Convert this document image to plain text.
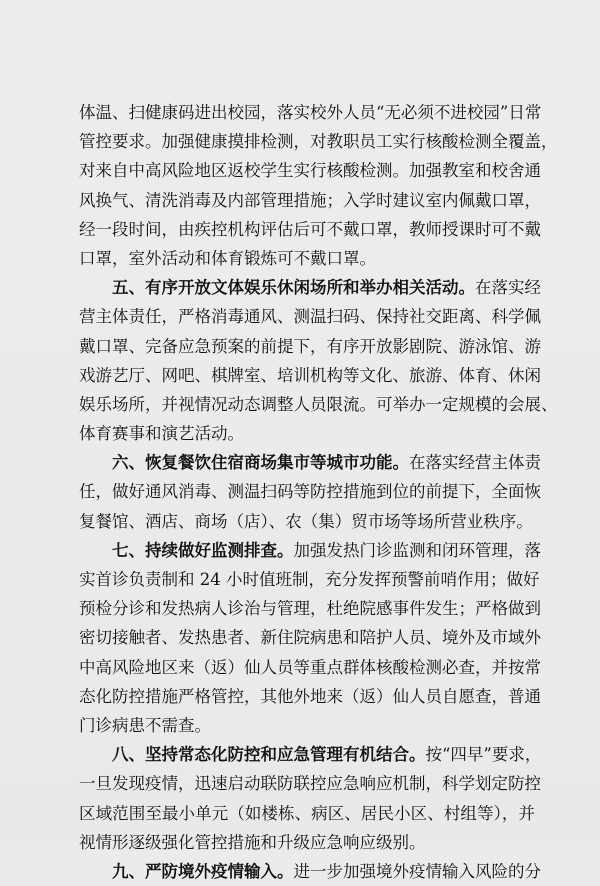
体温、扫健康码进出校园，落实校外人员“无必须不进校园”日常
管控要求。加强健康摸排检测，对教职员工实行核酸检测全覆盖，
对来自中高风险地区返校学生实行核酸检测。加强教室和校舍通
风换气、清洗消毒及内部管理措施；入学时建议室内佩戴口罩，
经一段时间，由疾控机构评估后可不戴口罩，教师授课时可不戴
口罩，室外活动和体育锻炼可不戴口罩。
五、有序开放文体娱乐休闲场所和举办相关活动。在落实经
营主体责任，严格消毒通风、测温扫码、保持社交距离、科学佩
戴口罩、完备应急预案的前提下，有序开放影剧院、游泳馆、游
戏游艺厅、网吧、棋牌室、培训机构等文化、旅游、体育、休闲
娱乐场所，并视情况动态调整人员限流。可举办一定规模的会展、
体育赛事和演艺活动。
六、恢复餐饮住宿商场集市等城市功能。在落实经营主体责
任，做好通风消毒、测温扫码等防控措施到位的前提下，全面恢
复餐馆、酒店、商场（店）、农（集）贸市场等场所营业秩序。
七、持续做好监测排查。加强发热门诊监测和闭环管理，落
实首诊负责制和 24 小时值班制，充分发挥预警前哨作用；做好
预检分诊和发热病人诊治与管理，杜绝院感事件发生；严格做到
密切接触者、发热患者、新住院病患和陪护人员、境外及市域外
中高风险地区来（返）仙人员等重点群体核酸检测必查，并按常
态化防控措施严格管控，其他外地来（返）仙人员自愿查，普通
门诊病患不需查。
八、坚持常态化防控和应急管理有机结合。按“四早”要求，
一旦发现疫情，迅速启动联防联控应急响应机制，科学划定防控
区域范围至最小单元（如楼栋、病区、居民小区、村组等），并
视情形逐级强化管控措施和升级应急响应级别。
九、严防境外疫情输入。进一步加强境外疫情输入风险的分
